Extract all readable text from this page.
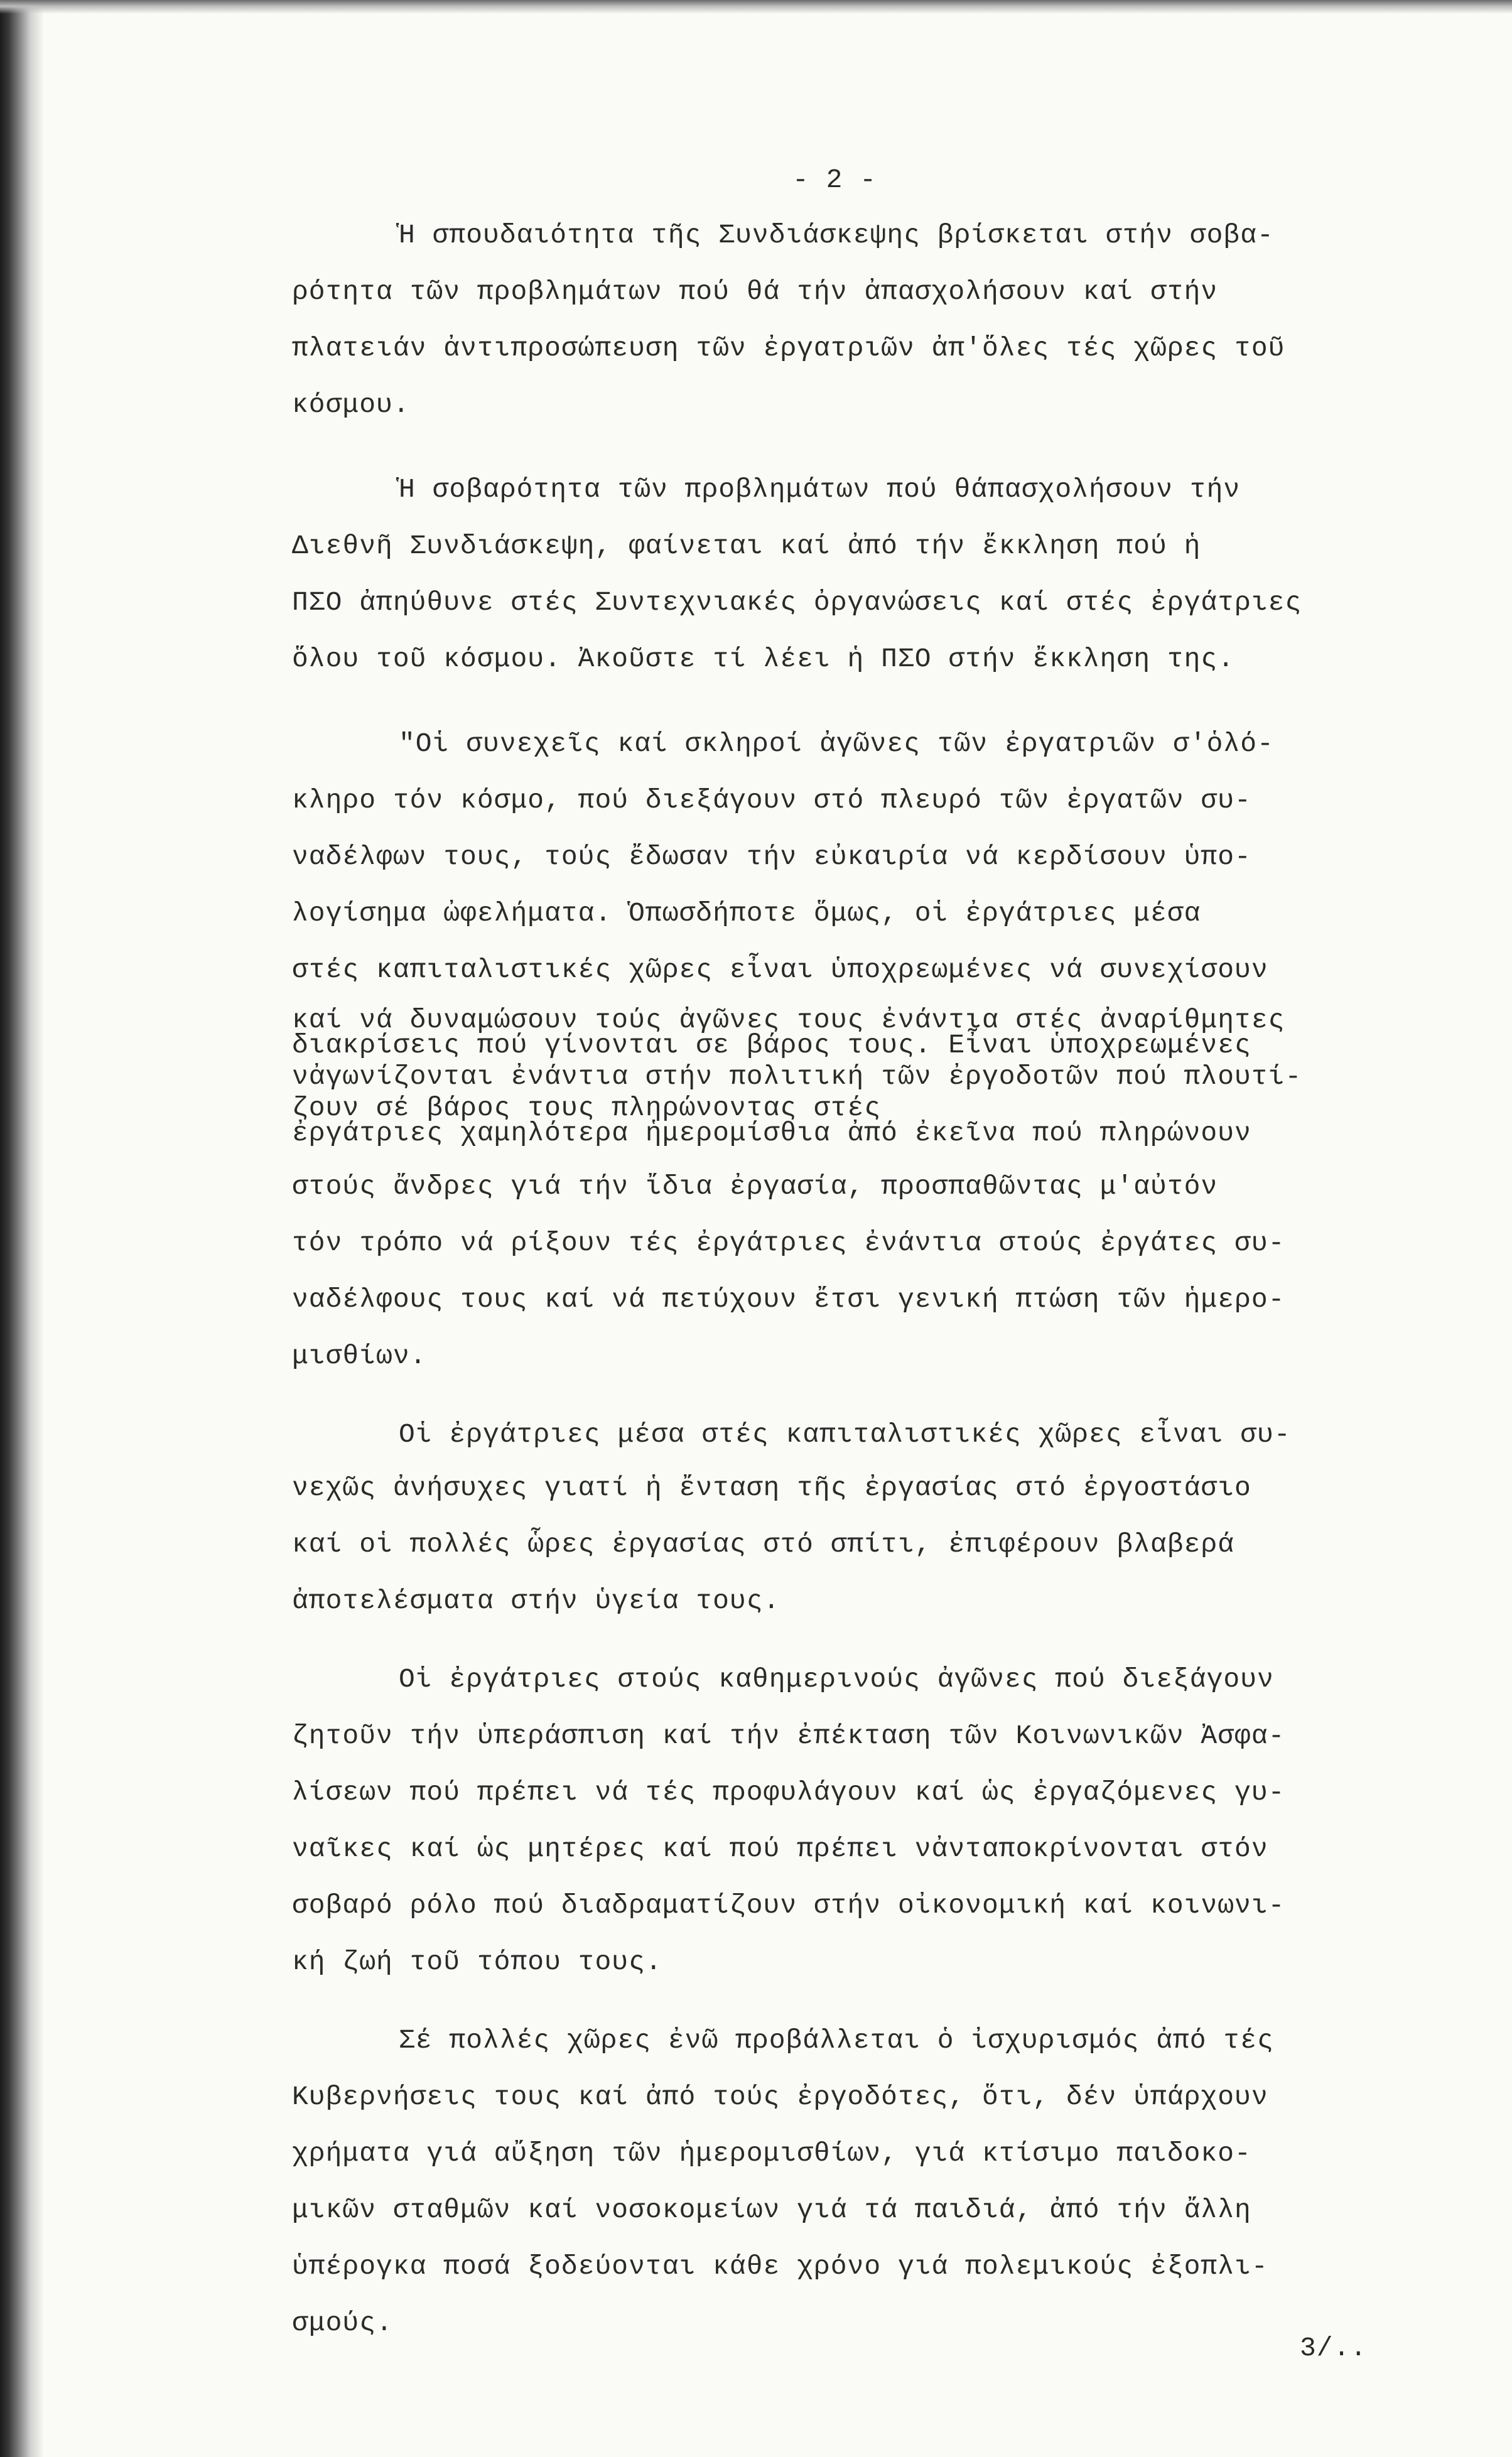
- 2 -
Ἡ σπουδαιότητα τῆς Συνδιάσκεψης βρίσκεται στήν σοβα-
ρότητα τῶν προβλημάτων πού θά τήν ἀπασχολήσουν καί στήν
πλατειάν ἀντιπροσώπευση τῶν ἐργατριῶν ἀπ'ὅλες τές χῶρες τοῦ
κόσμου.
Ἡ σοβαρότητα τῶν προβλημάτων πού θάπασχολήσουν τήν
Διεθνῆ Συνδιάσκεψη, φαίνεται καί ἀπό τήν ἔκκληση πού ἡ
ΠΣΟ ἀπηύθυνε στές Συντεχνιακές ὀργανώσεις καί στές ἐργάτριες
ὅλου τοῦ κόσμου. Ἀκοῦστε τί λέει ἡ ΠΣΟ στήν ἔκκληση της.
"Οἱ συνεχεῖς καί σκληροί ἀγῶνες τῶν ἐργατριῶν σ'ὁλό-
κληρο τόν κόσμο, πού διεξάγουν στό πλευρό τῶν ἐργατῶν συ-
ναδέλφων τους, τούς ἔδωσαν τήν εὐκαιρία νά κερδίσουν ὑπο-
λογίσημα ὠφελήματα. Ὁπωσδήποτε ὅμως, οἱ ἐργάτριες μέσα
στές καπιταλιστικές χῶρες εἶναι ὑποχρεωμένες νά συνεχίσουν
καί νά δυναμώσουν τούς ἀγῶνες τους ἐνάντια στές ἀναρίθμητες
διακρίσεις πού γίνονται σε βάρος τους. Εἶναι ὑποχρεωμένες
νἀγωνίζονται ἐνάντια στήν πολιτική τῶν ἐργοδοτῶν πού πλουτί-
ζουν σέ βάρος τους πληρώνοντας στές
ἐργάτριες χαμηλότερα ἡμερομίσθια ἀπό ἐκεῖνα πού πληρώνουν
στούς ἄνδρες γιά τήν ἴδια ἐργασία, προσπαθῶντας μ'αὐτόν
τόν τρόπο νά ρίξουν τές ἐργάτριες ἐνάντια στούς ἐργάτες συ-
ναδέλφους τους καί νά πετύχουν ἔτσι γενική πτώση τῶν ἡμερο-
μισθίων.
Οἱ ἐργάτριες μέσα στές καπιταλιστικές χῶρες εἶναι συ-
νεχῶς ἀνήσυχες γιατί ἡ ἔνταση τῆς ἐργασίας στό ἐργοστάσιο
καί οἱ πολλές ὧρες ἐργασίας στό σπίτι, ἐπιφέρουν βλαβερά
ἀποτελέσματα στήν ὑγεία τους.
Οἱ ἐργάτριες στούς καθημερινούς ἀγῶνες πού διεξάγουν
ζητοῦν τήν ὑπεράσπιση καί τήν ἐπέκταση τῶν Κοινωνικῶν Ἀσφα-
λίσεων πού πρέπει νά τές προφυλάγουν καί ὡς ἐργαζόμενες γυ-
ναῖκες καί ὡς μητέρες καί πού πρέπει νἀνταποκρίνονται στόν
σοβαρό ρόλο πού διαδραματίζουν στήν οἰκονομική καί κοινωνι-
κή ζωή τοῦ τόπου τους.
Σέ πολλές χῶρες ἐνῶ προβάλλεται ὁ ἰσχυρισμός ἀπό τές
Κυβερνήσεις τους καί ἀπό τούς ἐργοδότες, ὅτι, δέν ὑπάρχουν
χρήματα γιά αὔξηση τῶν ἡμερομισθίων, γιά κτίσιμο παιδοκο-
μικῶν σταθμῶν καί νοσοκομείων γιά τά παιδιά, ἀπό τήν ἄλλη
ὑπέρογκα ποσά ξοδεύονται κάθε χρόνο γιά πολεμικούς ἐξοπλι-
σμούς.
3/..
